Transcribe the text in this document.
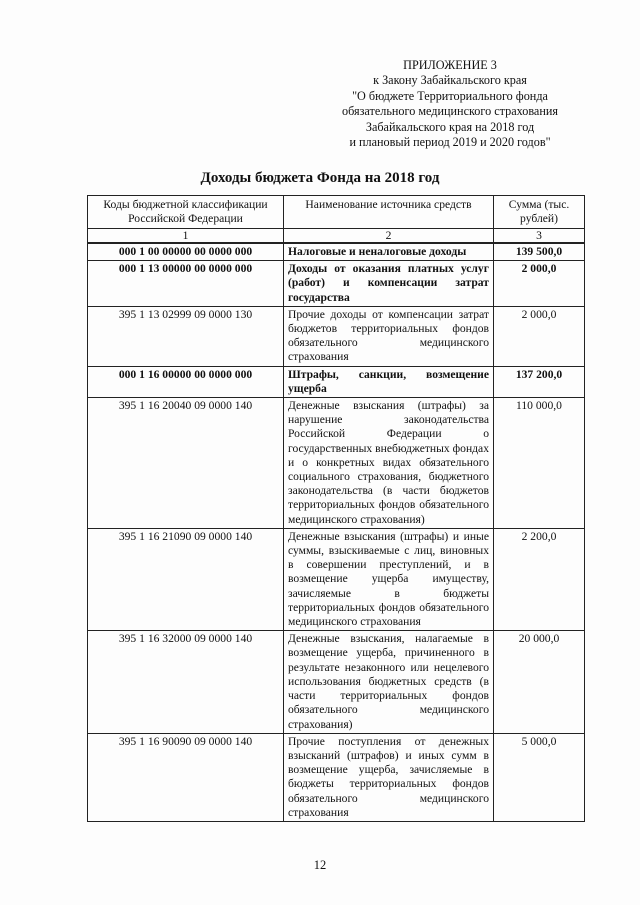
ПРИЛОЖЕНИЕ 3
к Закону Забайкальского края
"О бюджете Территориального фонда
обязательного медицинского страхования
Забайкальского края на 2018 год
и плановый период 2019 и 2020 годов"
Доходы бюджета Фонда на 2018 год
Коды бюджетной классификации Российской Федерации	Наименование источника средств	Сумма (тыс. рублей)
1	2	3
000 1 00 00000 00 0000 000	Налоговые и неналоговые доходы	139 500,0
000 1 13 00000 00 0000 000	Доходы от оказания платных услуг (работ) и компенсации затрат государства	2 000,0
395 1 13 02999 09 0000 130	Прочие доходы от компенсации затрат бюджетов территориальных фондов обязательного медицинского страхования	2 000,0
000 1 16 00000 00 0000 000	Штрафы, санкции, возмещение ущерба	137 200,0
395 1 16 20040 09 0000 140	Денежные взыскания (штрафы) за нарушение законодательства Российской Федерации о государственных внебюджетных фондах и о конкретных видах обязательного социального страхования, бюджетного законодательства (в части бюджетов территориальных фондов обязательного медицинского страхования)	110 000,0
395 1 16 21090 09 0000 140	Денежные взыскания (штрафы) и иные суммы, взыскиваемые с лиц, виновных в совершении преступлений, и в возмещение ущерба имуществу, зачисляемые в бюджеты территориальных фондов обязательного медицинского страхования	2 200,0
395 1 16 32000 09 0000 140	Денежные взыскания, налагаемые в возмещение ущерба, причиненного в результате незаконного или нецелевого использования бюджетных средств (в части территориальных фондов обязательного медицинского страхования)	20 000,0
395 1 16 90090 09 0000 140	Прочие поступления от денежных взысканий (штрафов) и иных сумм в возмещение ущерба, зачисляемые в бюджеты территориальных фондов обязательного медицинского страхования	5 000,0
12
